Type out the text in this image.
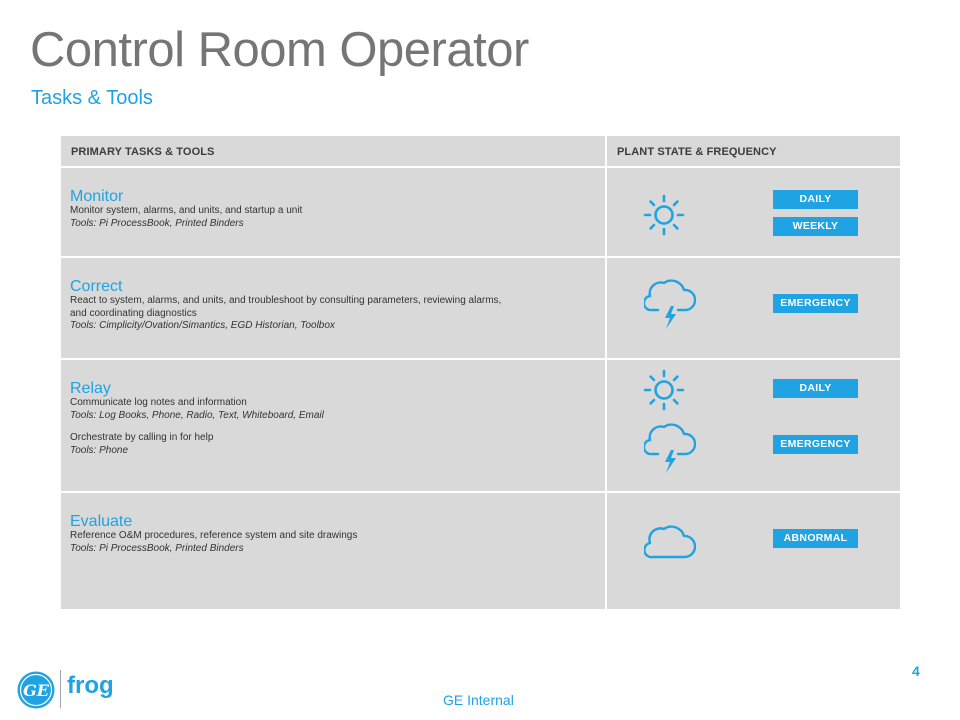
Control Room Operator
Tasks & Tools
PRIMARY TASKS & TOOLS	PLANT STATE & FREQUENCY

Monitor

Monitor system, alarms, and units, and startup a unit

Tools: Pi ProcessBook, Printed Binders

Correct

React to system, alarms, and units, and troubleshoot by consulting parameters, reviewing alarms,

and coordinating diagnostics

Tools: Cimplicity/Ovation/Simantics, EGD Historian, Toolbox

Relay

Communicate log notes and information

Tools: Log Books, Phone, Radio, Text, Whiteboard, Email

Orchestrate by calling in for help

Tools: Phone

Evaluate

Reference O&M procedures, reference system and site drawings

Tools: Pi ProcessBook, Printed Binders

DAILY
WEEKLY
EMERGENCY
DAILY
EMERGENCY
ABNORMAL
GE frog
4
GE Internal
